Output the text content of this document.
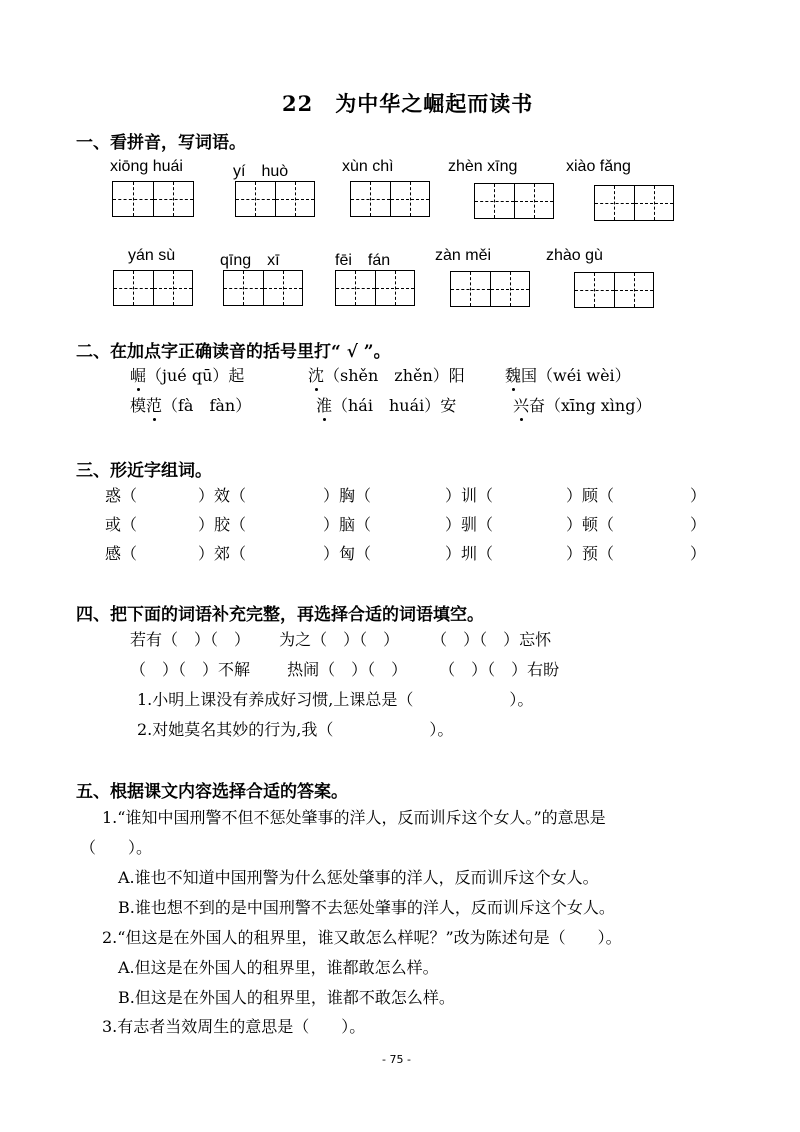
22　为中华之崛起而读书
一、看拼音，写词语。
xiōng huái	yí　huò	xùn chì	zhèn xīng	xiào fǎng
yán sù	qīng　xī	fēi　fán	zàn měi	zhào gù
二、在加点字正确读音的括号里打“ √ ”。
崛（jué qū）起	沈（shěn　zhěn）阳	魏国（wéi wèi）
模范（fà　fàn）	淮（hái　huái）安	兴奋（xīng xìng）
三、形近字组词。
惑（	）效（	）胸（	）训（	）顾（	）
或（	）胶（	）脑（	）驯（	）顿（	）
感（	）郊（	）匈（	）圳（	）预（	）
四、把下面的词语补充完整，再选择合适的词语填空。
若有（　）（　）　　 为之（　）（　）　　　（　）（　）忘怀
（　）（　）不解　　 热闹（　）（　）　　　（　）（　）右盼
1.小明上课没有养成好习惯,上课总是（　　　　　　）。
2.对她莫名其妙的行为,我（　　　　　　）。
五、根据课文内容选择合适的答案。
1.“谁知中国刑警不但不惩处肇事的洋人，反而训斥这个女人。”的意思是
（　　）。
A.谁也不知道中国刑警为什么惩处肇事的洋人，反而训斥这个女人。
B.谁也想不到的是中国刑警不去惩处肇事的洋人，反而训斥这个女人。
2.“但这是在外国人的租界里，谁又敢怎么样呢？”改为陈述句是（　　）。
A.但这是在外国人的租界里，谁都敢怎么样。
B.但这是在外国人的租界里，谁都不敢怎么样。
3.有志者当效周生的意思是（　　）。
- 75 -
